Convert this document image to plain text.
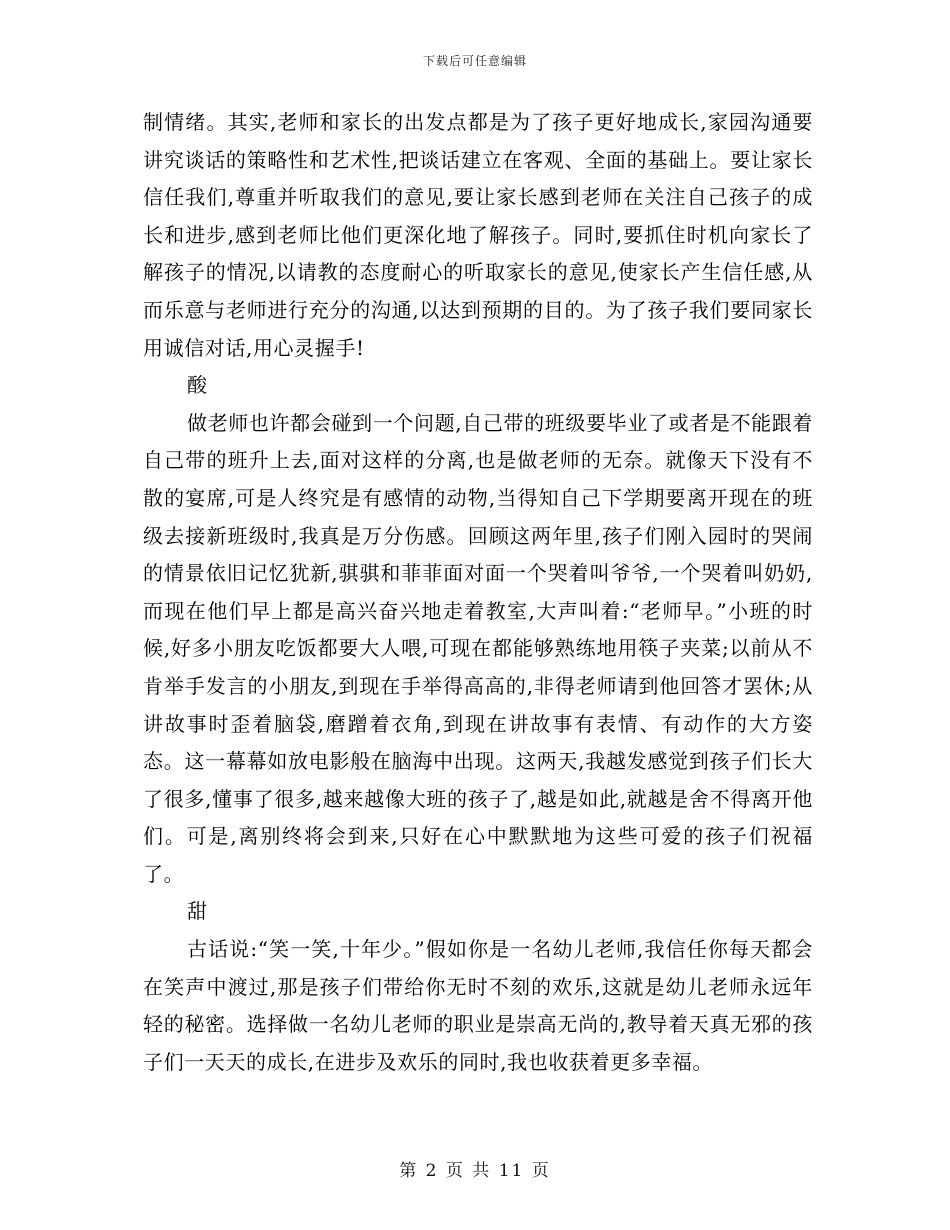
下载后可任意编辑

制情绪。其实,老师和家长的出发点都是为了孩子更好地成长,家园沟通要讲究谈话的策略性和艺术性,把谈话建立在客观、全面的基础上。要让家长信任我们,尊重并听取我们的意见,要让家长感到老师在关注自己孩子的成长和进步,感到老师比他们更深化地了解孩子。同时,要抓住时机向家长了解孩子的情况,以请教的态度耐心的听取家长的意见,使家长产生信任感,从而乐意与老师进行充分的沟通,以达到预期的目的。为了孩子我们要同家长用诚信对话,用心灵握手!

酸

做老师也许都会碰到一个问题,自己带的班级要毕业了或者是不能跟着自己带的班升上去,面对这样的分离,也是做老师的无奈。就像天下没有不散的宴席,可是人终究是有感情的动物,当得知自己下学期要离开现在的班级去接新班级时,我真是万分伤感。回顾这两年里,孩子们刚入园时的哭闹的情景依旧记忆犹新,骐骐和菲菲面对面一个哭着叫爷爷,一个哭着叫奶奶,而现在他们早上都是高兴奋兴地走着教室,大声叫着:“老师早。”小班的时候,好多小朋友吃饭都要大人喂,可现在都能够熟练地用筷子夹菜;以前从不肯举手发言的小朋友,到现在手举得高高的,非得老师请到他回答才罢休;从讲故事时歪着脑袋,磨蹭着衣角,到现在讲故事有表情、有动作的大方姿态。这一幕幕如放电影般在脑海中出现。这两天,我越发感觉到孩子们长大了很多,懂事了很多,越来越像大班的孩子了,越是如此,就越是舍不得离开他们。可是,离别终将会到来,只好在心中默默地为这些可爱的孩子们祝福了。

甜

古话说:“笑一笑,十年少。”假如你是一名幼儿老师,我信任你每天都会在笑声中渡过,那是孩子们带给你无时不刻的欢乐,这就是幼儿老师永远年轻的秘密。选择做一名幼儿老师的职业是崇高无尚的,教导着天真无邪的孩子们一天天的成长,在进步及欢乐的同时,我也收获着更多幸福。

第 2 页 共 11 页
